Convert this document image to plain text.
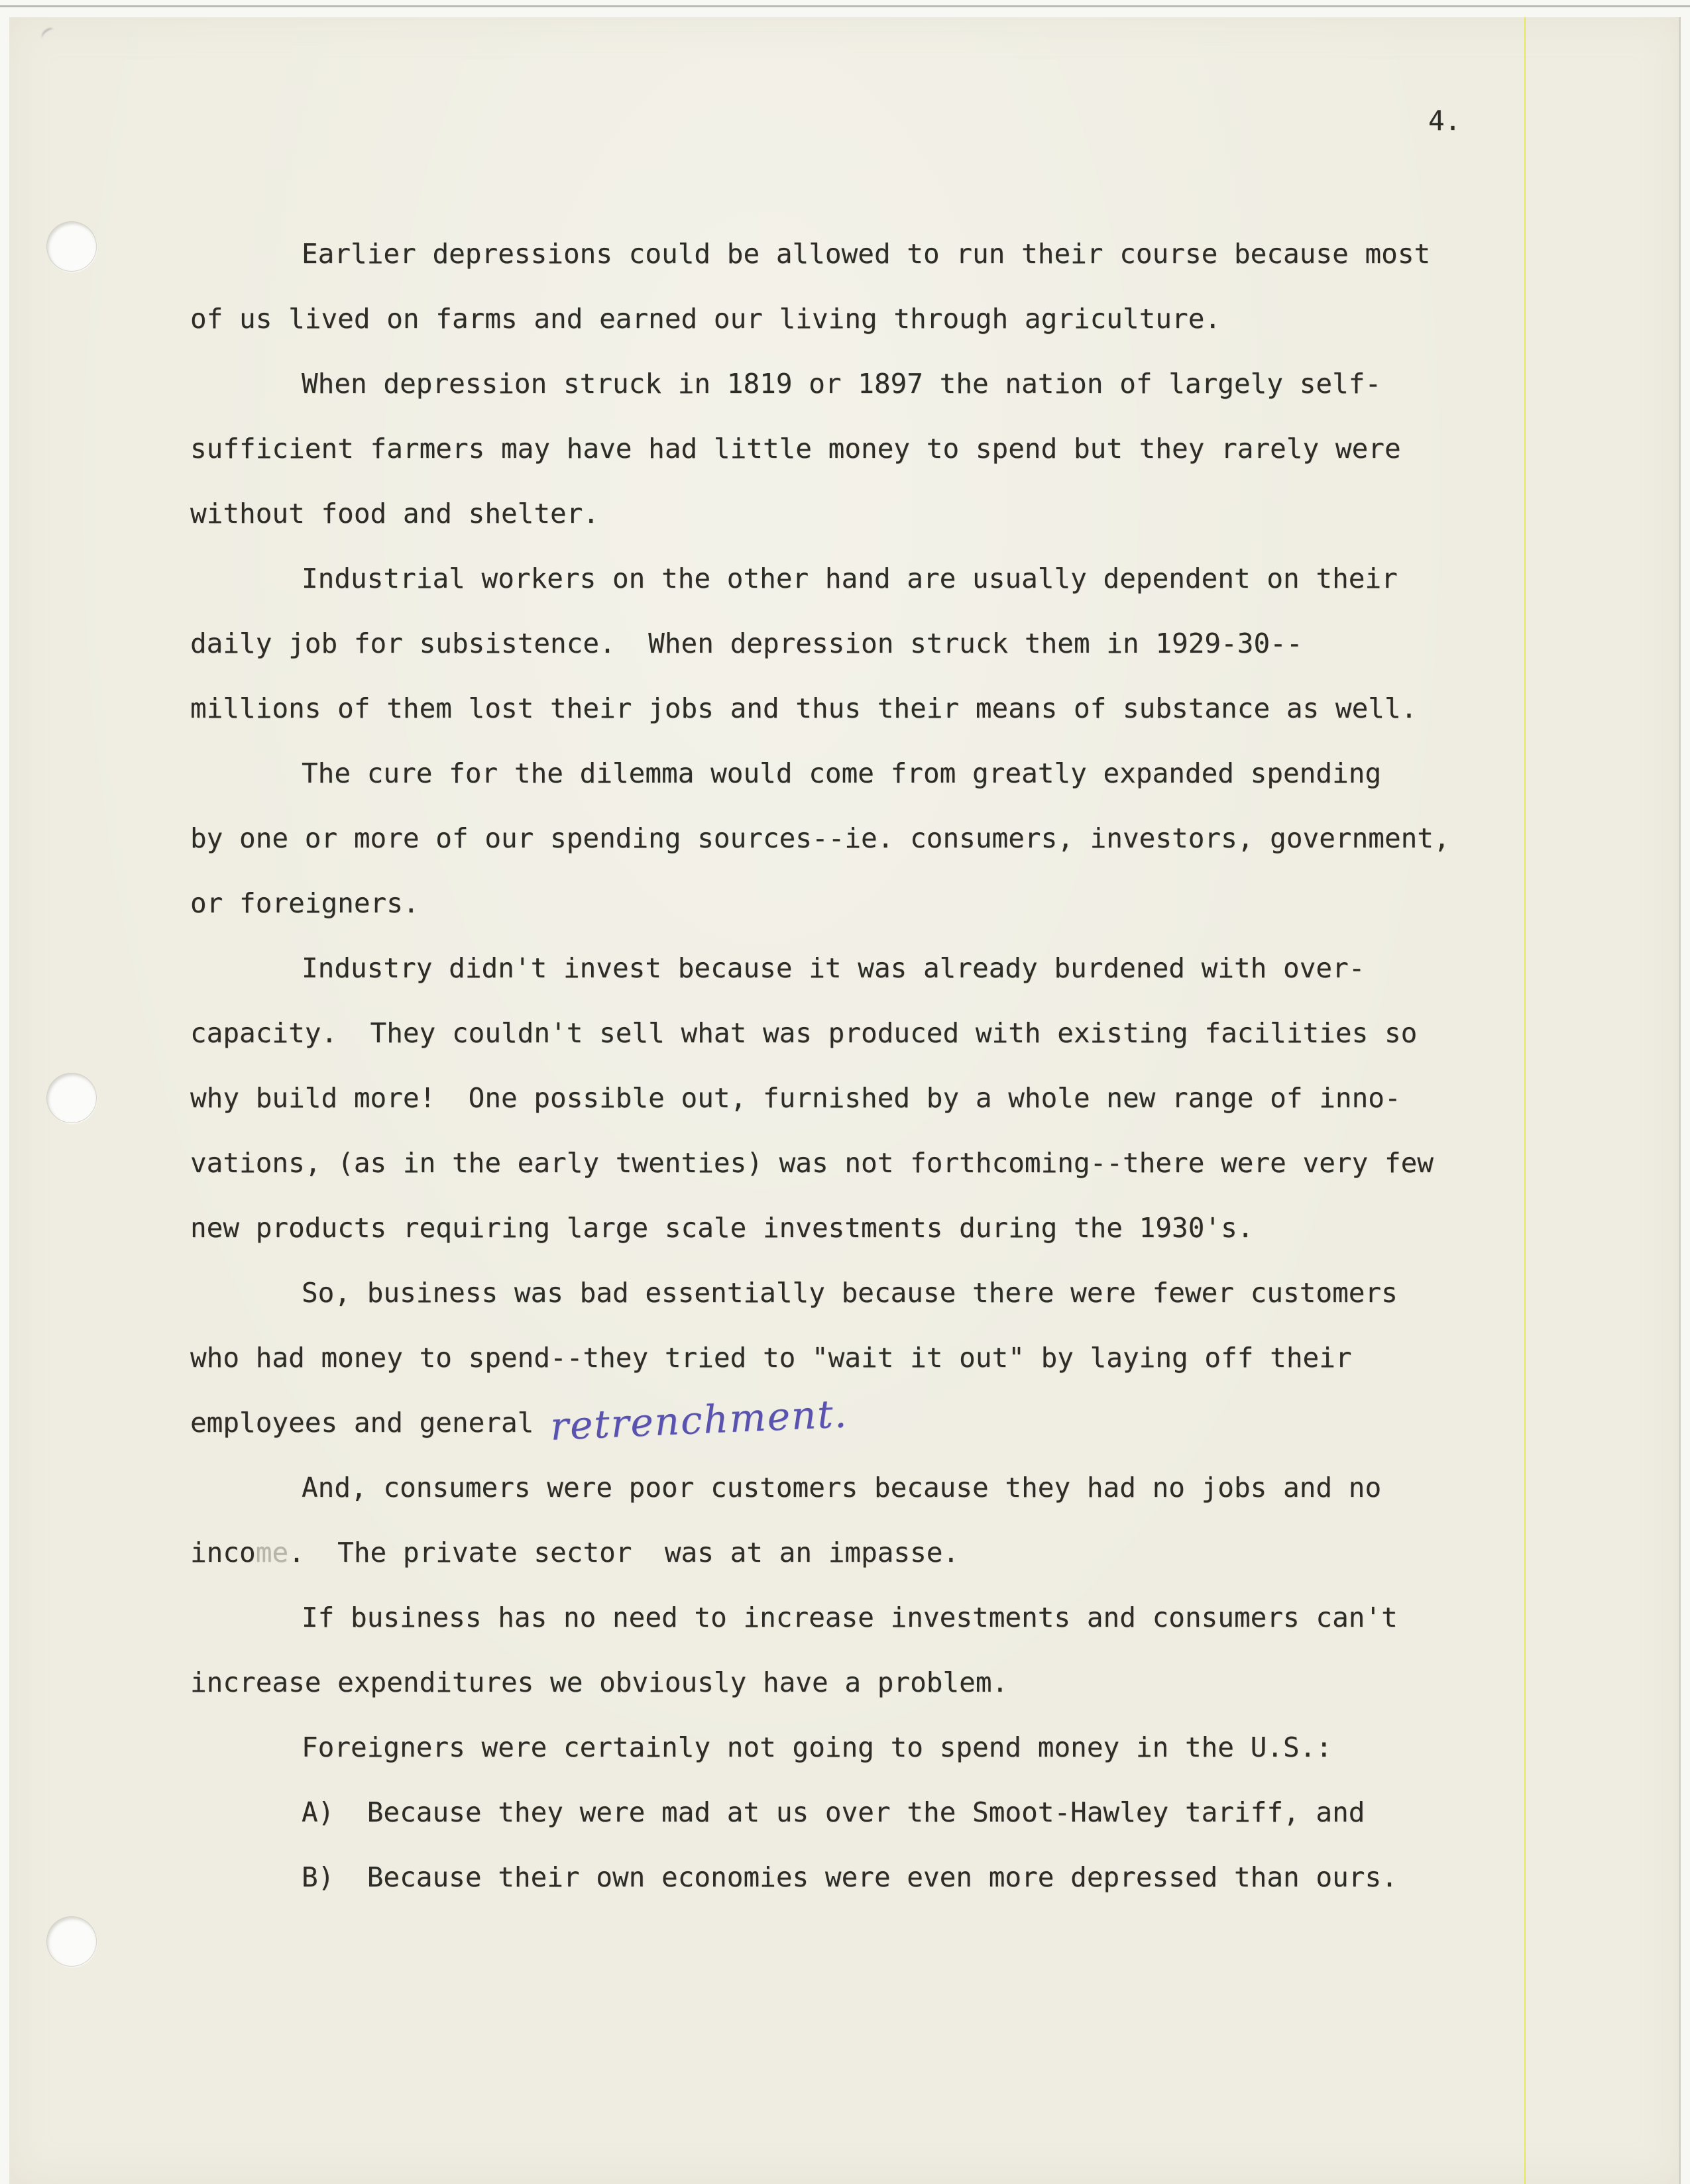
4.
Earlier depressions could be allowed to run their course because most
of us lived on farms and earned our living through agriculture.
When depression struck in 1819 or 1897 the nation of largely self-
sufficient farmers may have had little money to spend but they rarely were
without food and shelter.
Industrial workers on the other hand are usually dependent on their
daily job for subsistence.  When depression struck them in 1929-30--
millions of them lost their jobs and thus their means of substance as well.
The cure for the dilemma would come from greatly expanded spending
by one or more of our spending sources--ie. consumers, investors, government,
or foreigners.
Industry didn't invest because it was already burdened with over-
capacity.  They couldn't sell what was produced with existing facilities so
why build more!  One possible out, furnished by a whole new range of inno-
vations, (as in the early twenties) was not forthcoming--there were very few
new products requiring large scale investments during the 1930's.
So, business was bad essentially because there were fewer customers
who had money to spend--they tried to "wait it out" by laying off their
employees and general retrenchment.
And, consumers were poor customers because they had no jobs and no
income.  The private sector  was at an impasse.
If business has no need to increase investments and consumers can't
increase expenditures we obviously have a problem.
Foreigners were certainly not going to spend money in the U.S.:
A)  Because they were mad at us over the Smoot-Hawley tariff, and
B)  Because their own economies were even more depressed than ours.
